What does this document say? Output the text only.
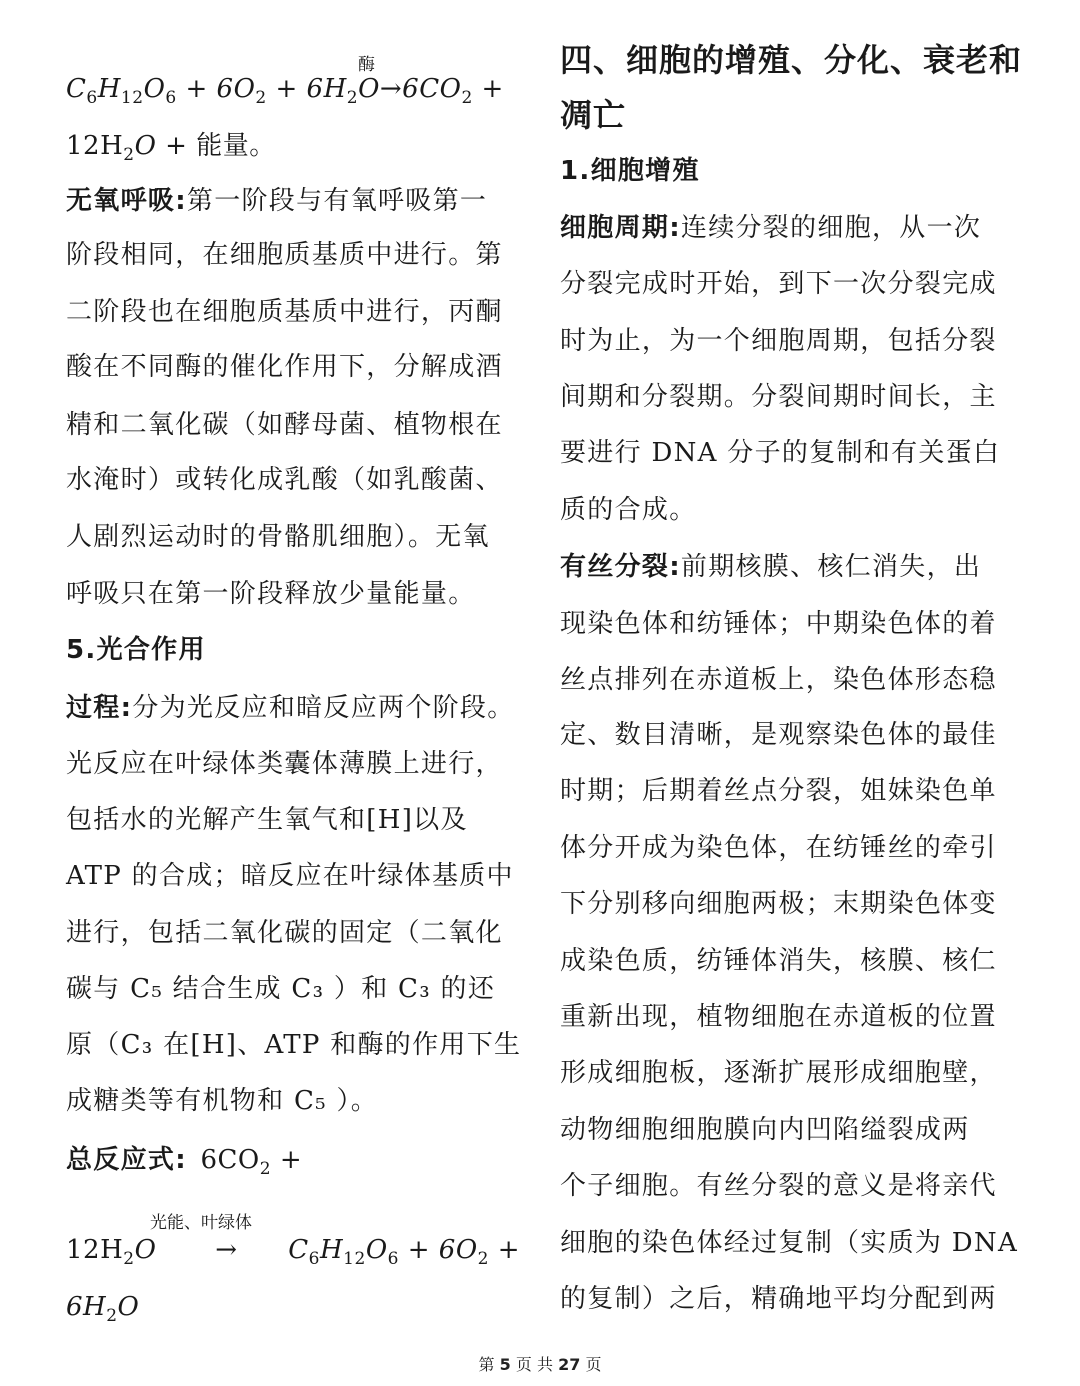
酶
$C_6H_{12}O_6 + 6O_2 + 6H_2O\to 6CO_2$ +
$12H_2O$ + 能量。
无氧呼吸:第一阶段与有氧呼吸第一
阶段相同，在细胞质基质中进行。第
二阶段也在细胞质基质中进行，丙酮
酸在不同酶的催化作用下，分解成酒
精和二氧化碳（如酵母菌、植物根在
水淹时）或转化成乳酸（如乳酸菌、
人剧烈运动时的骨骼肌细胞）。无氧
呼吸只在第一阶段释放少量能量。
5.光合作用
过程:分为光反应和暗反应两个阶段。
光反应在叶绿体类囊体薄膜上进行，
包括水的光解产生氧气和[H]以及
ATP 的合成；暗反应在叶绿体基质中
进行，包括二氧化碳的固定（二氧化
碳与 C₅ 结合生成 C₃ ）和 C₃ 的还
原（C₃ 在[H]、ATP 和酶的作用下生
成糖类等有机物和 C₅ ）。
总反应式: $6CO_2$ +
光能、叶绿体
$12H_2O \to C_6H_{12}O_6 + 6O_2$ +
$6H_2O$
四、细胞的增殖、分化、衰老和
凋亡
1.细胞增殖
细胞周期:连续分裂的细胞，从一次
分裂完成时开始，到下一次分裂完成
时为止，为一个细胞周期，包括分裂
间期和分裂期。分裂间期时间长，主
要进行 DNA 分子的复制和有关蛋白
质的合成。
有丝分裂:前期核膜、核仁消失，出
现染色体和纺锤体；中期染色体的着
丝点排列在赤道板上，染色体形态稳
定、数目清晰，是观察染色体的最佳
时期；后期着丝点分裂，姐妹染色单
体分开成为染色体，在纺锤丝的牵引
下分别移向细胞两极；末期染色体变
成染色质，纺锤体消失，核膜、核仁
重新出现，植物细胞在赤道板的位置
形成细胞板，逐渐扩展形成细胞壁，
动物细胞细胞膜向内凹陷缢裂成两
个子细胞。有丝分裂的意义是将亲代
细胞的染色体经过复制（实质为 DNA
的复制）之后，精确地平均分配到两
第 5 页 共 27 页
